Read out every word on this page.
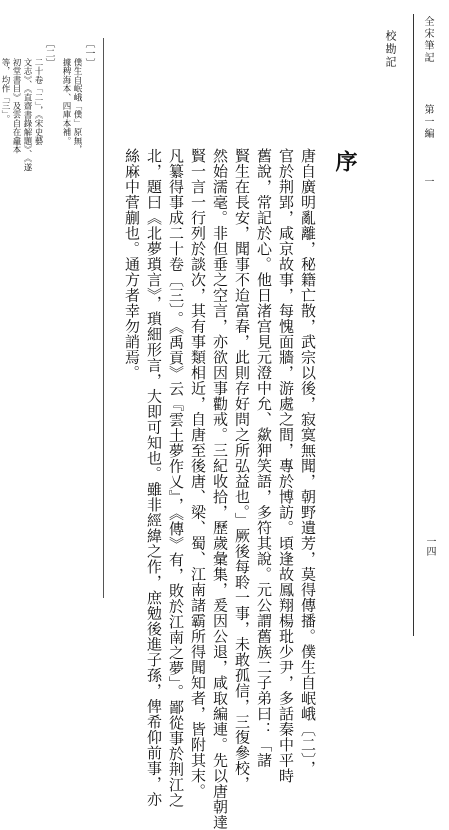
全宋筆記  第一編  一
一四
校勘記
序
唐自廣明亂離，秘籍亡散，武宗以後，寂寞無聞，朝野遺芳，莫得傳播。僕生自岷峨〔二〕，
官於荆郢，咸京故事，每愧面牆，游處之間，專於博訪。頃逢故鳳翔楊玭少尹，多話秦中平時
舊說，常記於心。他日渚宫見元澄中允、歘狎笑語，多符其說。元公謂舊族二子弟曰：「諸
賢生在長安，聞事不迨富春，此則存好問之所弘益也。」厥後每聆一事，未敢孤信，三復參校，
然始濡毫。非但垂之空言，亦欲因事勸戒。三紀收拾，歷歲彙集，爰因公退，咸取編連。先以唐朝達
賢一言一行列於談次，其有事類相近，自唐至後唐、梁、蜀、江南諸霸所得聞知者，皆附其末。
凡纂得事成二十卷〔三〕。《禹貢》云『雲土夢作乂』，《傳》有，敗於江南之夢」。鄙從事於荆江之
北，題曰《北夢瑣言》，瑣細形言，大即可知也。雖非經緯之作，庶勉後進子孫，俾希仰前事，亦
絲麻中菅蒯也。通方者幸勿誚焉。
〔一〕
僕生自岷峨「僕」原無，
據稗海本、四庫本補。
〔二〕
二十卷「二」，《宋史藝
文志》、《直齋書錄解題》、《遂
初堂書目》及雲自在龕本
等，均作「三」。
